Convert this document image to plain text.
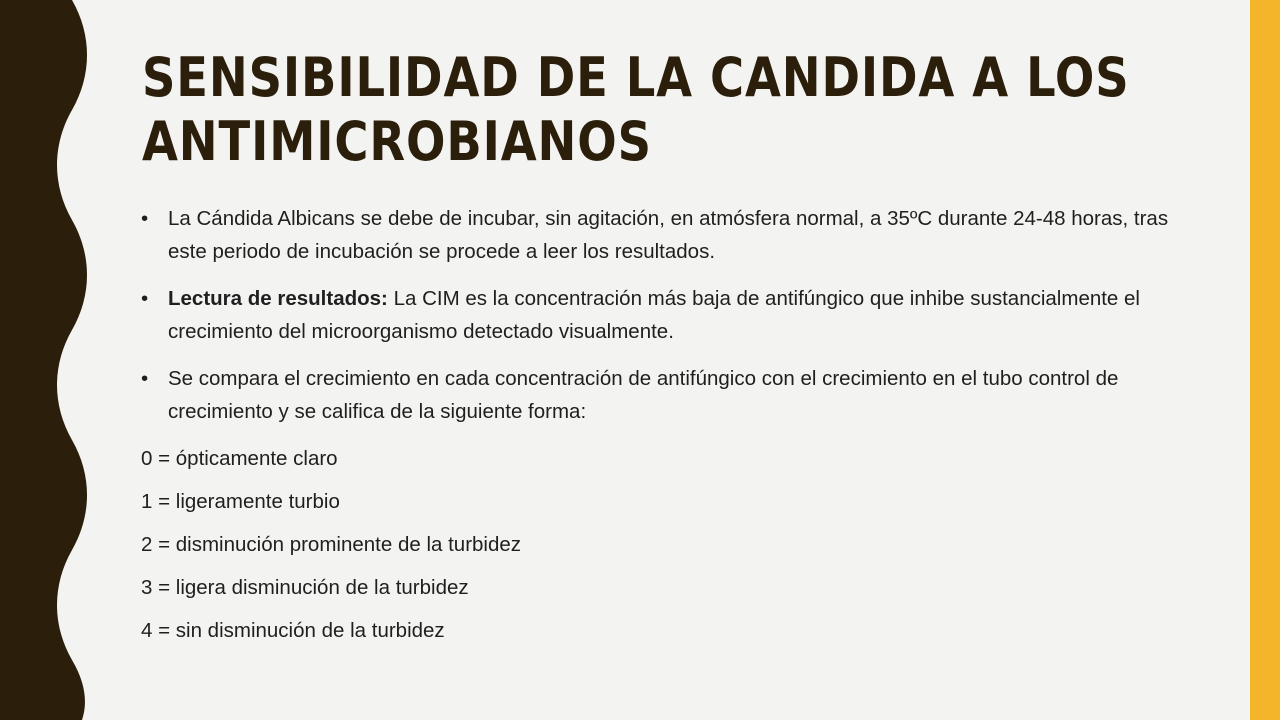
SENSIBILIDAD DE LA CANDIDA A LOS
ANTIMICROBIANOS
• La Cándida Albicans se debe de incubar, sin agitación, en atmósfera normal, a 35ºC durante 24-48 horas, tras este periodo de incubación se procede a leer los resultados.
• Lectura de resultados: La CIM es la concentración más baja de antifúngico que inhibe sustancialmente el crecimiento del microorganismo detectado visualmente.
• Se compara el crecimiento en cada concentración de antifúngico con el crecimiento en el tubo control de crecimiento y se califica de la siguiente forma:
0 = ópticamente claro
1 = ligeramente turbio
2 = disminución prominente de la turbidez
3 = ligera disminución de la turbidez
4 = sin disminución de la turbidez
